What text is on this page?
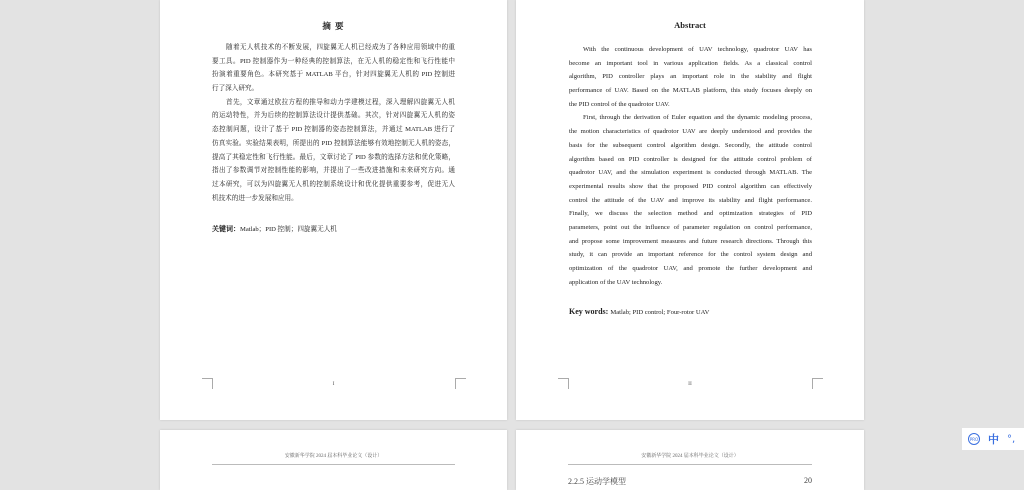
摘 要
随着无人机技术的不断发展，四旋翼无人机已经成为了各种应用领域中的重
要工具。PID 控制器作为一种经典的控制算法，在无人机的稳定性和飞行性能中
扮演着重要角色。本研究基于 MATLAB 平台，针对四旋翼无人机的 PID 控制进
行了深入研究。
首先，文章通过欧拉方程的推导和动力学建模过程，深入理解四旋翼无人机
的运动特性，并为后续的控制算法设计提供基础。其次，针对四旋翼无人机的姿
态控制问题，设计了基于 PID 控制器的姿态控制算法，并通过 MATLAB 进行了
仿真实验。实验结果表明，所提出的 PID 控制算法能够有效地控制无人机的姿态，
提高了其稳定性和飞行性能。最后，文章讨论了 PID 参数的选择方法和优化策略，
指出了参数调节对控制性能的影响，并提出了一些改进措施和未来研究方向。通
过本研究，可以为四旋翼无人机的控制系统设计和优化提供重要参考，促进无人
机技术的进一步发展和应用。
关键词：Matlab；PID 控制；四旋翼无人机
I
Abstract
With the continuous development of UAV technology, quadrotor UAV has
become an important tool in various application fields. As a classical control
algorithm, PID controller plays an important role in the stability and flight
performance of UAV. Based on the MATLAB platform, this study focuses deeply on
the PID control of the quadrotor UAV.
First, through the derivation of Euler equation and the dynamic modeling process,
the motion characteristics of quadrotor UAV are deeply understood and provides the
basis for the subsequent control algorithm design. Secondly, the attitude control
algorithm based on PID controller is designed for the attitude control problem of
quadrotor UAV, and the simulation experiment is conducted through MATLAB. The
experimental results show that the proposed PID control algorithm can effectively
control the attitude of the UAV and improve its stability and flight performance.
Finally, we discuss the selection method and optimization strategies of PID
parameters, point out the influence of parameter regulation on control performance,
and propose some improvement measures and future research directions. Through this
study, it can provide an important reference for the control system design and
optimization of the quadrotor UAV, and promote the further development and
application of the UAV technology.
Key words: Matlab; PID control; Four-rotor UAV
II
安徽新华学院 2024 届本科毕业论文（设计）	安徽新华学院 2024 届本科毕业论文（设计）
2.2.5 运动学模型	20
PRO 中 °,
